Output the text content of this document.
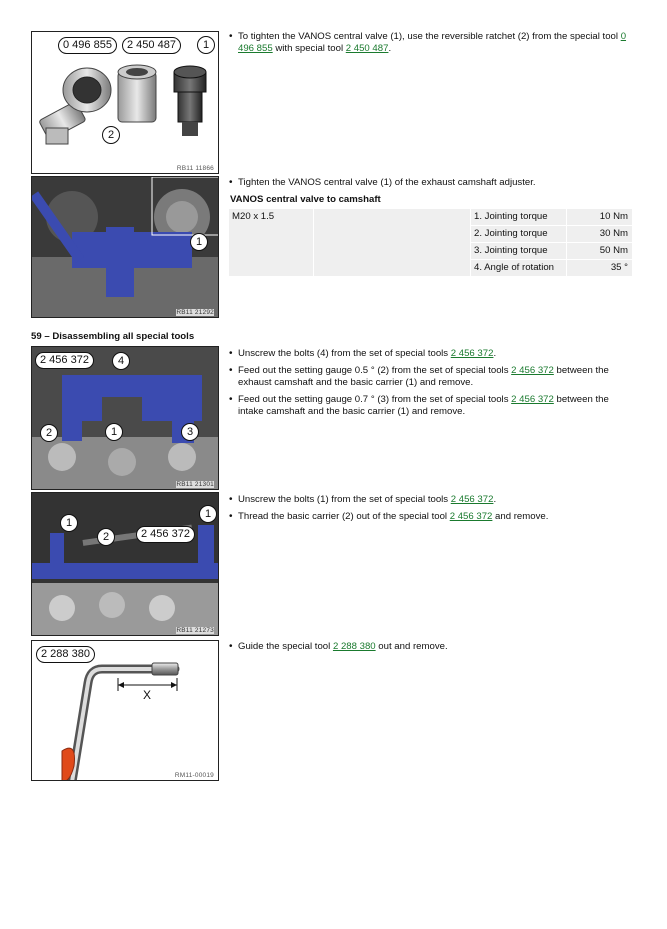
0 496 855	2 450 487	1
2
RB11 11866
• To tighten the VANOS central valve (1), use the reversible ratchet (2) from the special tool 0 496 855 with special tool 2 450 487.
1
RB11 21292
• Tighten the VANOS central valve (1) of the exhaust camshaft adjuster.
VANOS central valve to camshaft
M20 x 1.5		1. Jointing torque	10 Nm
		2. Jointing torque	30 Nm
		3. Jointing torque	50 Nm
		4. Angle of rotation	35 °
59 – Disassembling all special tools
2 456 372	4
2	1	3
RB11 21301
• Unscrew the bolts (4) from the set of special tools 2 456 372.
• Feed out the setting gauge 0.5 ° (2) from the set of special tools 2 456 372 between the exhaust camshaft and the basic carrier (1) and remove.
• Feed out the setting gauge 0.7 ° (3) from the set of special tools 2 456 372 between the intake camshaft and the basic carrier (1) and remove.
1
1
2	2 456 372
RB11 21273
• Unscrew the bolts (1) from the set of special tools 2 456 372.
• Thread the basic carrier (2) out of the special tool 2 456 372 and remove.
2 288 380
X
RM11-00019
• Guide the special tool 2 288 380 out and remove.
